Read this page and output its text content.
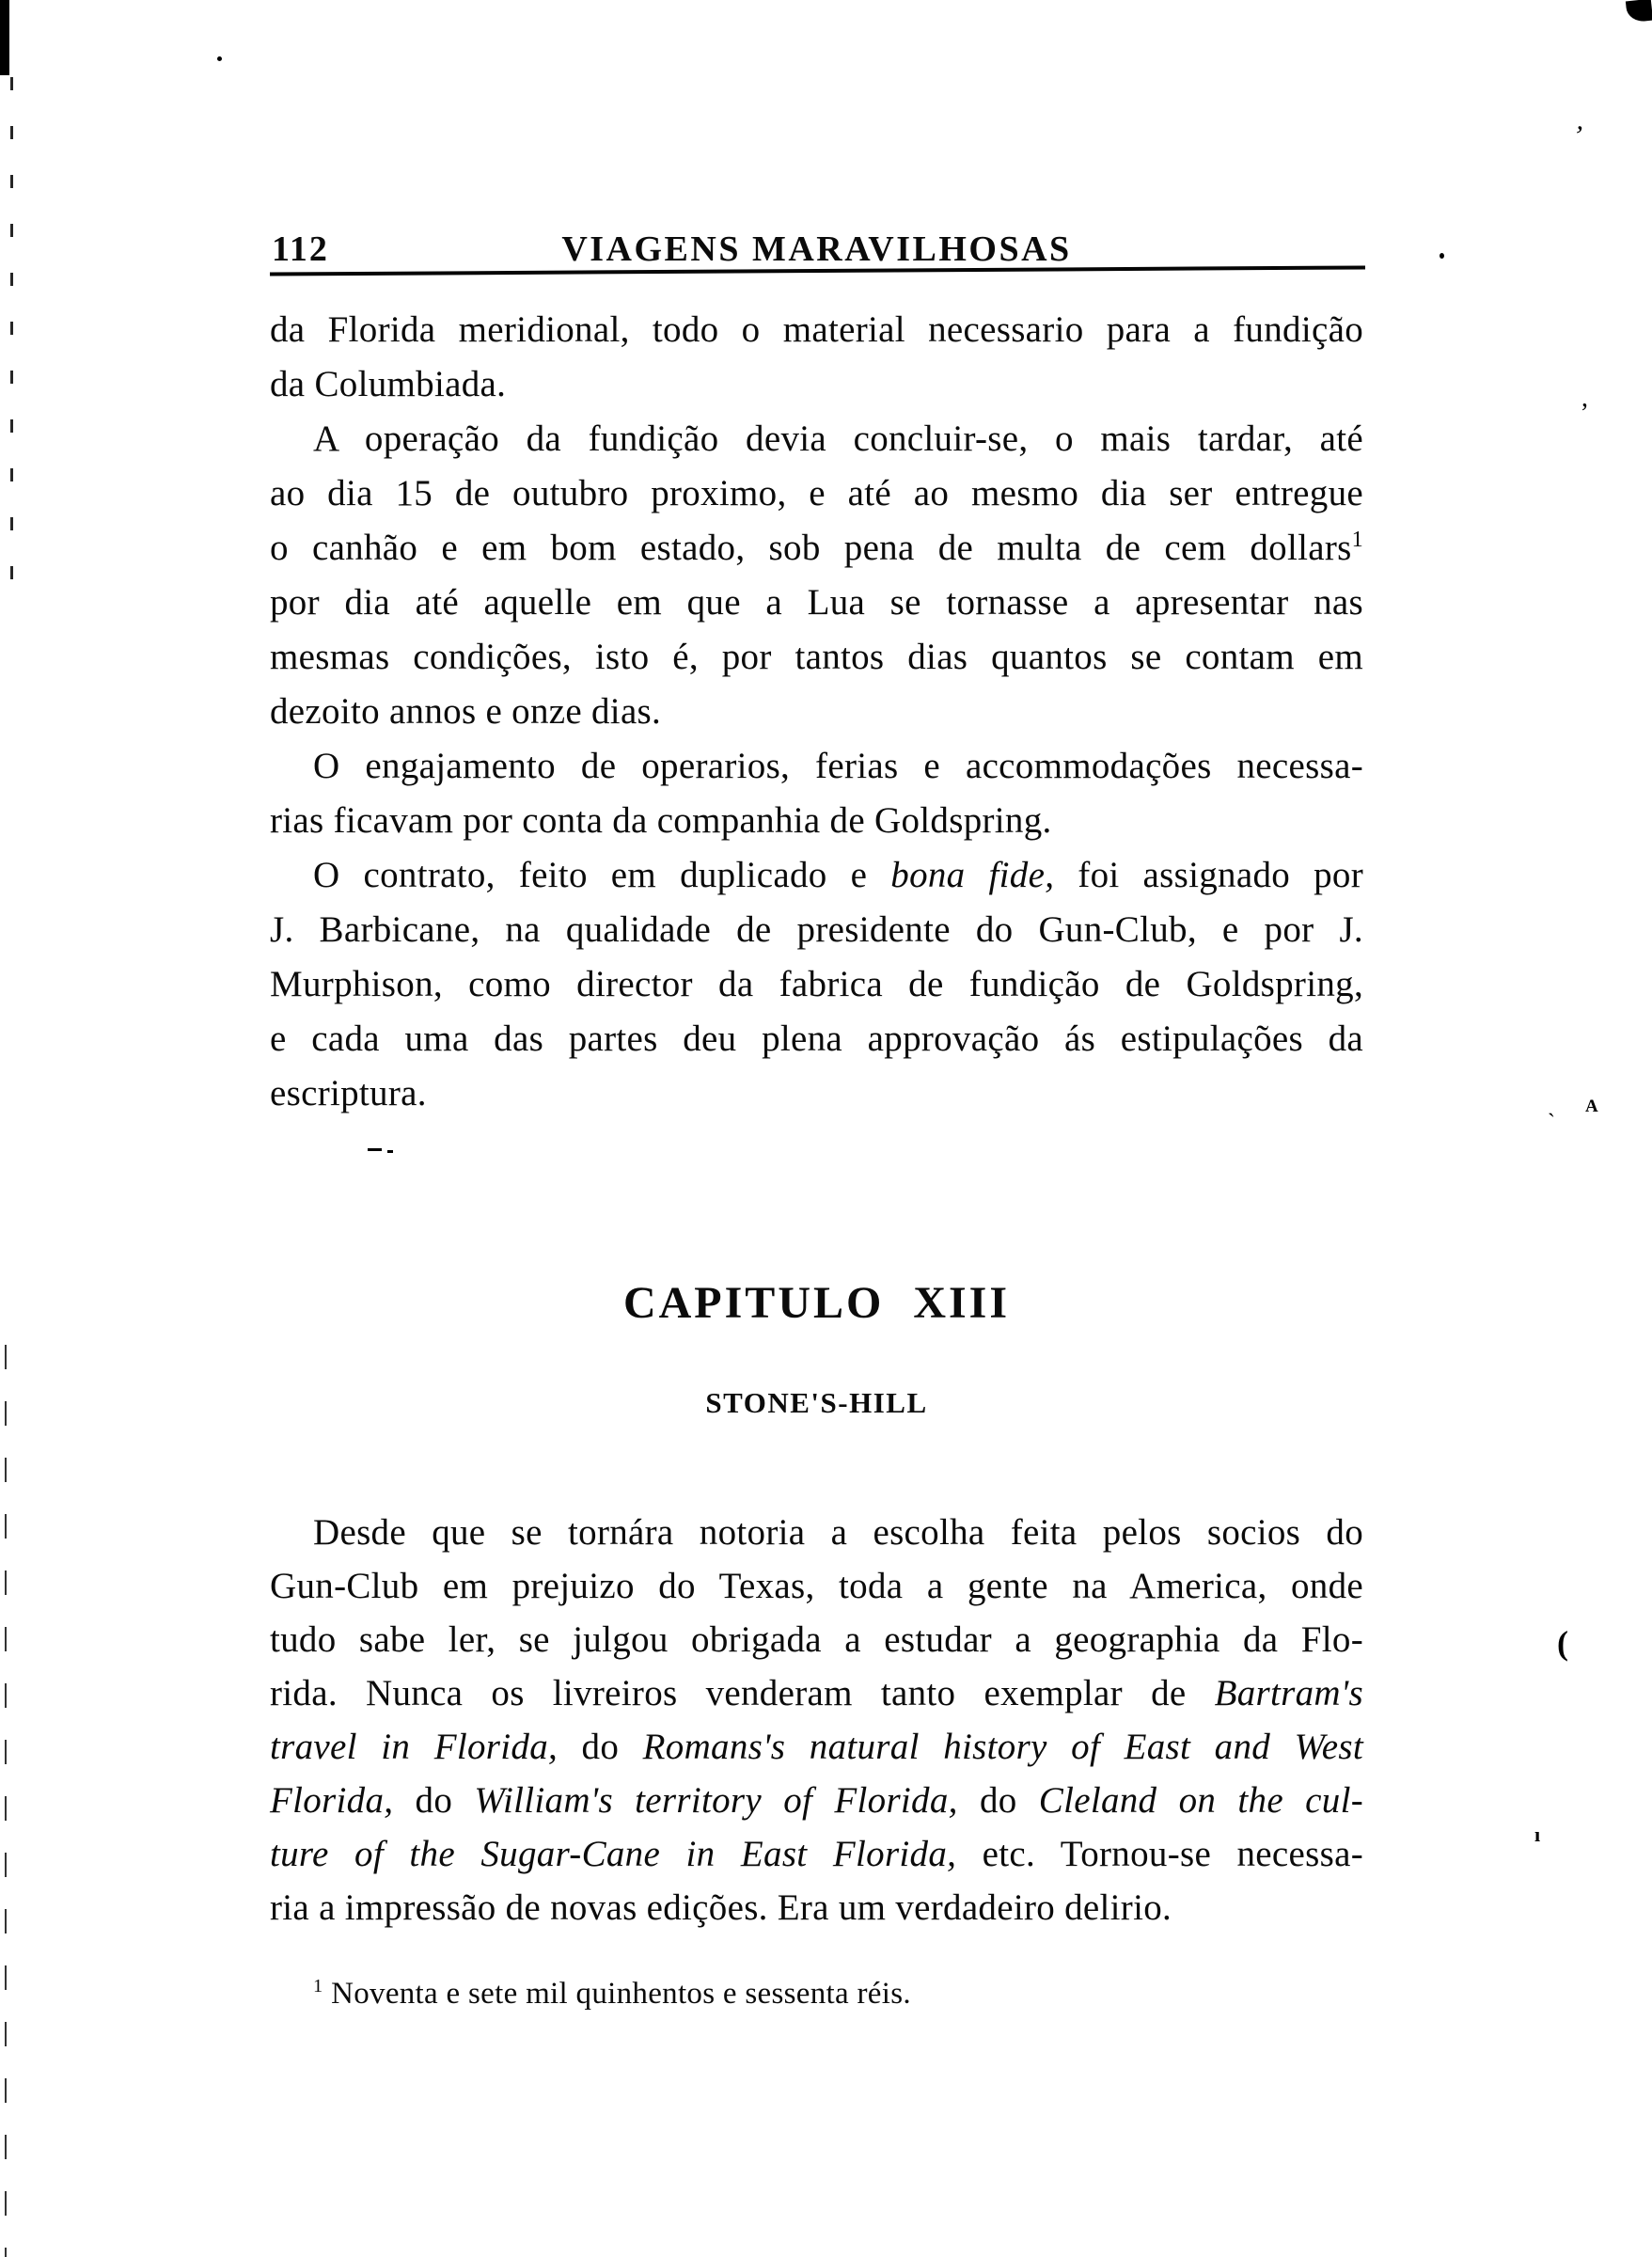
112	VIAGENS MARAVILHOSAS
da Florida meridional, todo o material necessario para a fundição
da Columbiada.
A operação da fundição devia concluir-se, o mais tardar, até
ao dia 15 de outubro proximo, e até ao mesmo dia ser entregue
o canhão e em bom estado, sob pena de multa de cem dollars$^1$
por dia até aquelle em que a Lua se tornasse a apresentar nas
mesmas condições, isto é, por tantos dias quantos se contam em
dezoito annos e onze dias.
O engajamento de operarios, ferias e accommodações necessa-
rias ficavam por conta da companhia de Goldspring.
O contrato, feito em duplicado e bona fide, foi assignado por
J. Barbicane, na qualidade de presidente do Gun-Club, e por J.
Murphison, como director da fabrica de fundição de Goldspring,
e cada uma das partes deu plena approvação ás estipulações da
escriptura.
CAPITULO XIII
STONE'S-HILL
Desde que se tornára notoria a escolha feita pelos socios do
Gun-Club em prejuizo do Texas, toda a gente na America, onde
tudo sabe ler, se julgou obrigada a estudar a geographia da Flo-
rida. Nunca os livreiros venderam tanto exemplar de Bartram's
travel in Florida, do Romans's natural history of East and West
Florida, do William's territory of Florida, do Cleland on the cul-
ture of the Sugar-Cane in East Florida, etc. Tornou-se necessa-
ria a impressão de novas edições. Era um verdadeiro delirio.
$^1$ Noventa e sete mil quinhentos e sessenta réis.
ʼ
,
ˏ A
(
ı
